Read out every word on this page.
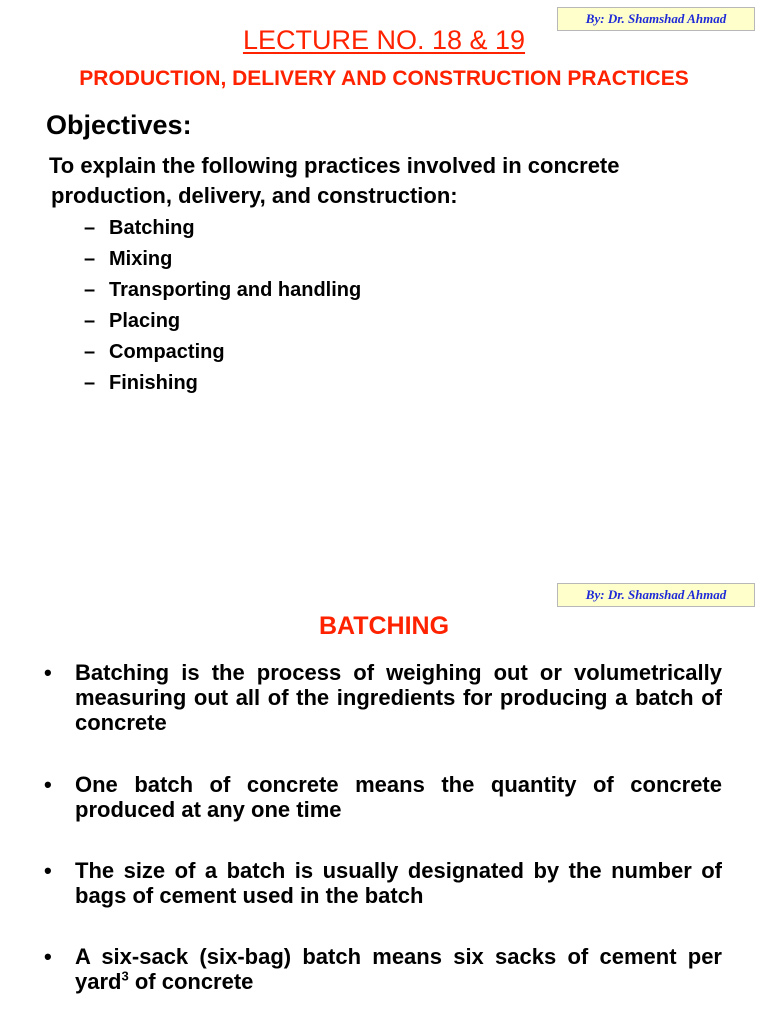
By: Dr. Shamshad Ahmad
LECTURE NO. 18 & 19
PRODUCTION, DELIVERY AND CONSTRUCTION PRACTICES
Objectives:
To explain the following practices involved in concrete
production, delivery, and construction:
– Batching
– Mixing
– Transporting and handling
– Placing
– Compacting
– Finishing
By: Dr. Shamshad Ahmad
BATCHING
• Batching is the process of weighing out or volumetrically measuring out all of the ingredients for producing a batch of concrete
• One batch of concrete means the quantity of concrete produced at any one time
• The size of a batch is usually designated by the number of bags of cement used in the batch
• A six-sack (six-bag) batch means six sacks of cement per yard$^3$ of concrete
